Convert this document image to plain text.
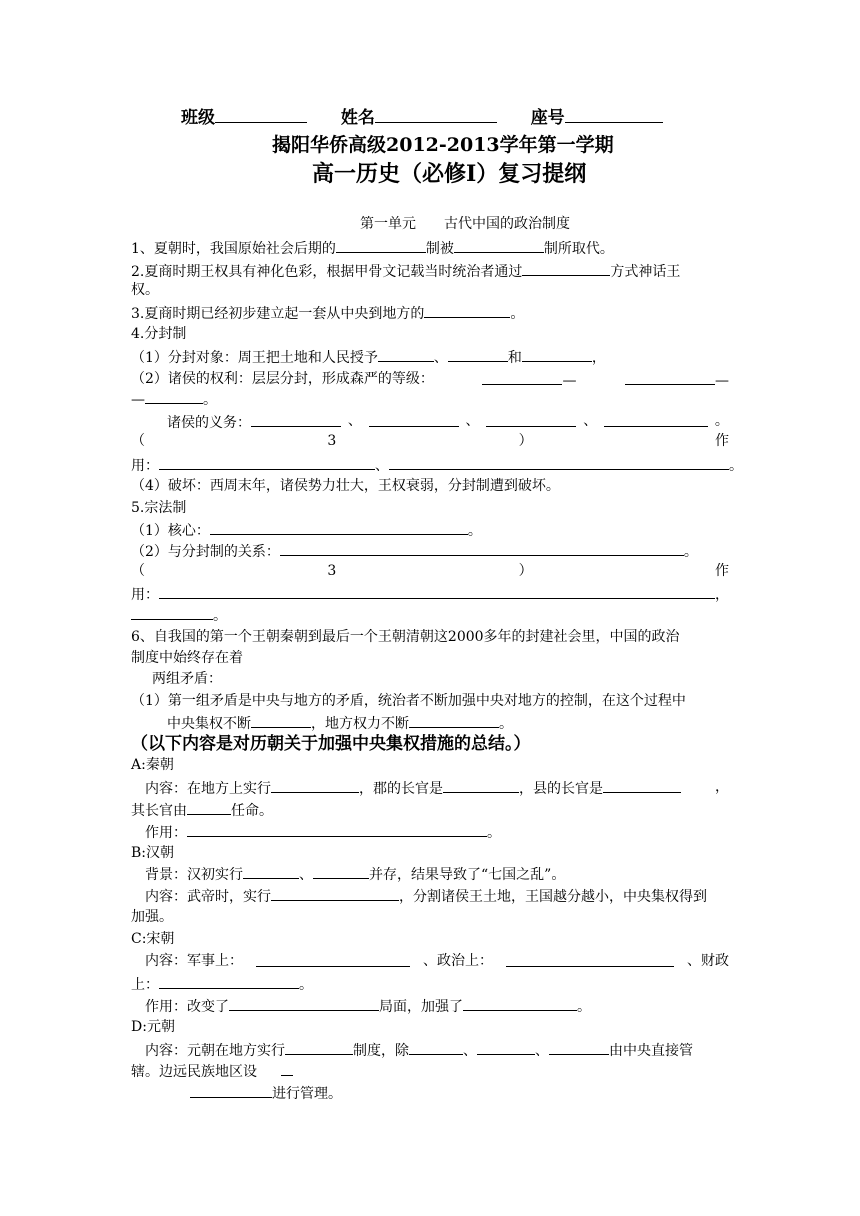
班级	姓名	座号
揭阳华侨高级2012-2013学年第一学期
高一历史（必修Ⅰ）复习提纲
第一单元 古代中国的政治制度
1、夏朝时，我国原始社会后期的	制被	制所取代。
2.夏商时期王权具有神化色彩，根据甲骨文记载当时统治者通过	方式神话王
权。
3.夏商时期已经初步建立起一套从中央到地方的	。
4.分封制
（1）分封对象：周王把土地和人民授予	、	和	，
（2）诸侯的权利：层层分封，形成森严的等级：	—	—
—	。
诸侯的义务：	、	、	、	。
（	3	）	作
用：	、	。
（4）破坏：西周末年，诸侯势力壮大，王权衰弱，分封制遭到破坏。
5.宗法制
（1）核心：	。
（2）与分封制的关系：	。
（	3	）	作
用：	，
。
6、自我国的第一个王朝秦朝到最后一个王朝清朝这2000多年的封建社会里，中国的政治
制度中始终存在着
两组矛盾：
（1）第一组矛盾是中央与地方的矛盾，统治者不断加强中央对地方的控制，在这个过程中
中央集权不断	，地方权力不断	。
（以下内容是对历朝关于加强中央集权措施的总结。）
A:秦朝
内容：在地方上实行	，郡的长官是	，县的长官是	，
其长官由	任命。
作用：	。
B:汉朝
背景：汉初实行	、	并存，结果导致了“七国之乱”。
内容：武帝时，实行	，分割诸侯王土地，王国越分越小，中央集权得到
加强。
C:宋朝
内容：军事上：	、政治上：	、财政
上：	。
作用：改变了	局面，加强了	。
D:元朝
内容：元朝在地方实行	制度，除	、	、	由中央直接管
辖。边远民族地区设
进行管理。
